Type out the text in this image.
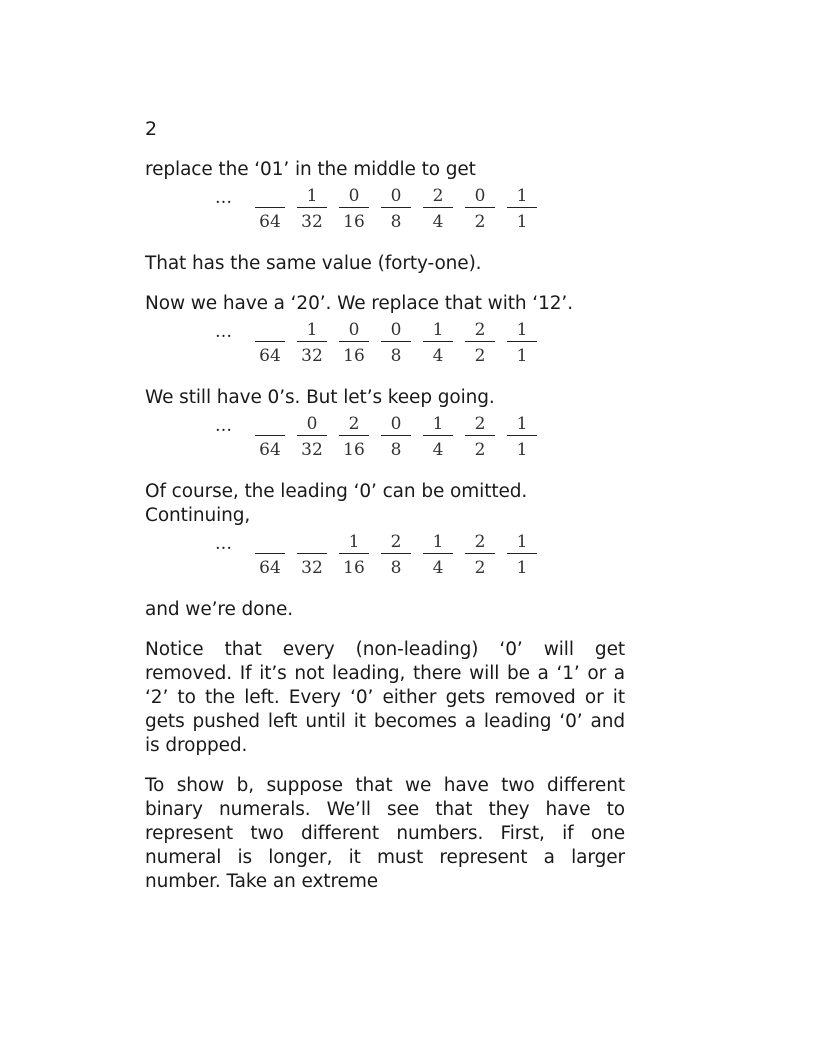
2

replace the ‘01’ in the middle to get

…
64
1
32
0
16
0
8
2
4
0
2
1
1

That has the same value (forty-one).

Now we have a ‘20’. We replace that with ‘12’.

…
64
1
32
0
16
0
8
1
4
2
2
1
1

We still have 0’s. But let’s keep going.

…
64
0
32
2
16
0
8
1
4
2
2
1
1

Of course, the leading ‘0’ can be omitted. Continuing,

…
64 32
1
16
2
8
1
4
2
2
1
1

and we’re done.

Notice that every (non-leading) ‘0’ will get removed. If it’s not leading, there will be a ‘1’ or a ‘2’ to the left. Every ‘0’ either gets removed or it gets pushed left until it becomes a leading ‘0’ and is dropped.

To show b, suppose that we have two different binary numerals. We’ll see that they have to represent two different numbers. First, if one numeral is longer, it must represent a larger number. Take an extreme
